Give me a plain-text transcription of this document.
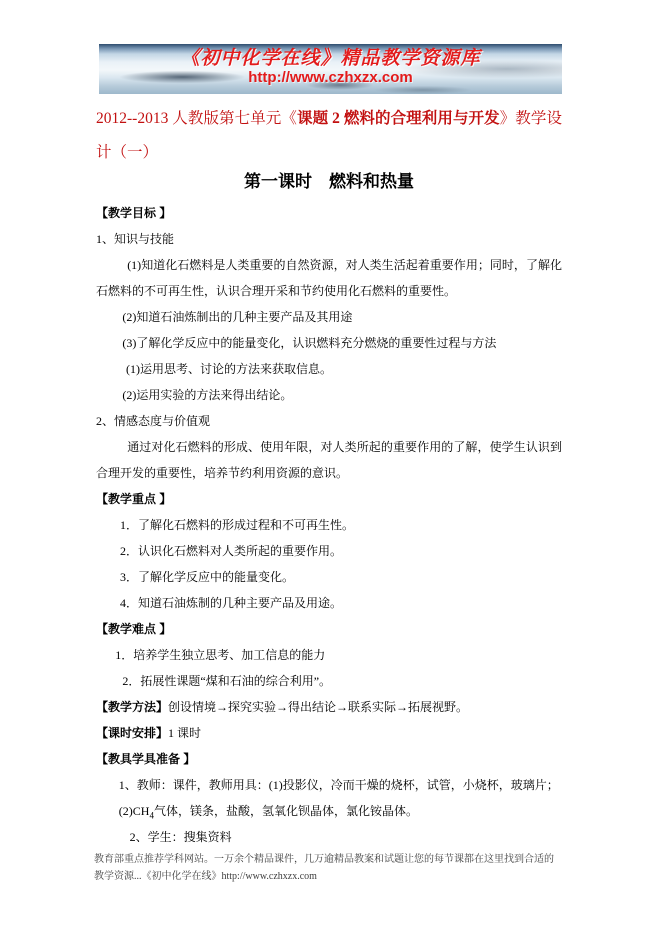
《初中化学在线》精品教学资源库
http://www.czhxzx.com
2012--2013 人教版第七单元《课题 2 燃料的合理利用与开发》教学设计（一）
第一课时　燃料和热量
【教学目标 】
1、知识与技能
(1)知道化石燃料是人类重要的自然资源，对人类生活起着重要作用；同时，了解化石燃料的不可再生性，认识合理开采和节约使用化石燃料的重要性。
(2)知道石油炼制出的几种主要产品及其用途
(3)了解化学反应中的能量变化，认识燃料充分燃烧的重要性过程与方法
(1)运用思考、讨论的方法来获取信息。
(2)运用实验的方法来得出结论。
2、情感态度与价值观
通过对化石燃料的形成、使用年限，对人类所起的重要作用的了解，使学生认识到合理开发的重要性，培养节约利用资源的意识。
【教学重点 】
1．了解化石燃料的形成过程和不可再生性。
2．认识化石燃料对人类所起的重要作用。
3．了解化学反应中的能量变化。
4．知道石油炼制的几种主要产品及用途。
【教学难点 】
1．培养学生独立思考、加工信息的能力
2．拓展性课题“煤和石油的综合利用”。
【教学方法】创设情境→探究实验→得出结论→联系实际→拓展视野。
【课时安排】1 课时
【教具学具准备 】
1、教师：课件，教师用具：(1)投影仪，冷而干燥的烧杯，试管，小烧杯，玻璃片；
$(2)CH_4$气体，镁条，盐酸，氢氧化钡晶体，氯化铵晶体。
2、学生：搜集资料
教育部重点推荐学科网站。一万余个精品课件，几万逾精品教案和试题让您的每节课都在这里找到合适的
教学资源...《初中化学在线》http://www.czhxzx.com
